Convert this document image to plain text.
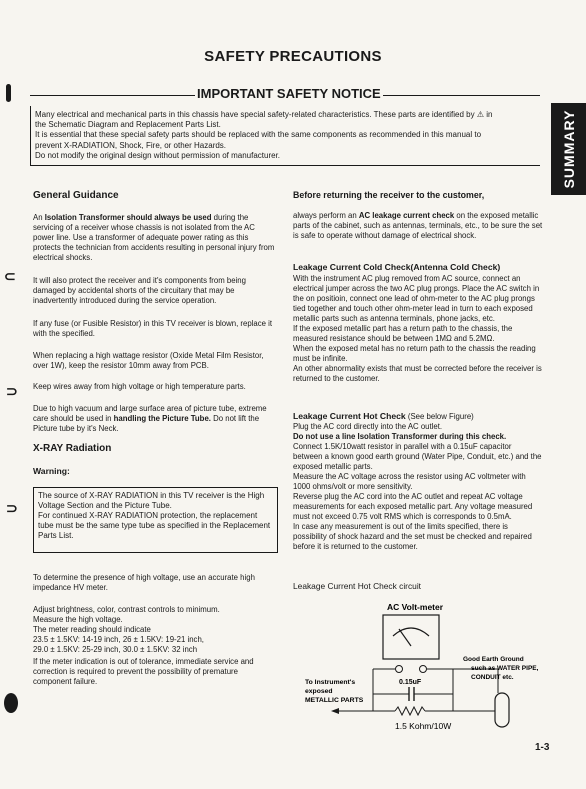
SAFETY PRECAUTIONS
IMPORTANT SAFETY NOTICE

Many electrical and mechanical parts in this chassis have special safety-related characteristics. These parts are identified by ⚠ in

the Schematic Diagram and Replacement Parts List.

It is essential that these special safety parts should be replaced with the same components as recommended in this manual to

prevent X-RADIATION, Shock, Fire, or other Hazards.

Do not modify the original design without permission of manufacturer.	SUMMARY
⊂
⊃
⊃
General Guidance
An Isolation Transformer should always be used during the servicing of a receiver whose chassis is not isolated from the AC power line. Use a transformer of adequate power rating as this protects the technician from accidents resulting in personal injury from electrical shocks.
It will also protect the receiver and it's components from being damaged by accidental shorts of the circuitary that may be inadvertently introduced during the service operation.
If any fuse (or Fusible Resistor) in this TV receiver is blown, replace it with the specified.
When replacing a high wattage resistor (Oxide Metal Film Resistor, over 1W), keep the resistor 10mm away from PCB.
Keep wires away from high voltage or high temperature parts.
Due to high vacuum and large surface area of picture tube, extreme care should be used in handling the Picture Tube. Do not lift the Picture tube by it's Neck.
X-RAY Radiation
Warning:

The source of X-RAY RADIATION in this TV receiver is the High Voltage Section and the Picture Tube.

For continued X-RAY RADIATION protection, the replacement tube must be the same type tube as specified in the Replacement Parts List.

To determine the presence of high voltage, use an accurate high impedance HV meter.

Adjust brightness, color, contrast controls to minimum.

Measure the high voltage.

The meter reading should indicate

23.5 ± 1.5KV: 14-19 inch, 26 ± 1.5KV: 19-21 inch,

29.0 ± 1.5KV: 25-29 inch, 30.0 ± 1.5KV: 32 inch

If the meter indication is out of tolerance, immediate service and correction is required to prevent the possibility of premature component failure.
Before returning the receiver to the customer,
always perform an AC leakage current check on the exposed metallic parts of the cabinet, such as antennas, terminals, etc., to be sure the set is safe to operate without damage of electrical shock.
Leakage Current Cold Check(Antenna Cold Check)

With the instrument AC plug removed from AC source, connect an electrical jumper across the two AC plug prongs. Place the AC switch in the on positioin, connect one lead of ohm-meter to the AC plug prongs tied together and touch other ohm-meter lead in turn to each exposed metallic parts such as antenna terminals, phone jacks, etc.

If the exposed metallic part has a return path to the chassis, the measured resistance should be between 1MΩ and 5.2MΩ.

When the exposed metal has no return path to the chassis the reading must be infinite.

An other abnormality exists that must be corrected before the receiver is returned to the customer.

Leakage Current Hot Check (See below Figure)

Plug the AC cord directly into the AC outlet.

Do not use a line Isolation Transformer during this check.

Connect 1.5K/10watt resistor in parallel with a 0.15uF capacitor between a known good earth ground (Water Pipe, Conduit, etc.) and the exposed metallic parts.

Measure the AC voltage across the resistor using AC voltmeter with 1000 ohms/volt or more sensitivity.

Reverse plug the AC cord into the AC outlet and repeat AC voltage measurements for each exposed metallic part. Any voltage measured must not exceed 0.75 volt RMS which is corresponds to 0.5mA.

In case any measurement is out of the limits specified, there is possibility of shock hazard and the set must be checked and repaired before it is returned to the customer.

Leakage Current Hot Check circuit
AC Volt-meter
0.15uF
1.5 Kohm/10W
To Instrument's
exposed
METALLIC PARTS
Good Earth Ground
such as WATER PIPE,
CONDUIT etc.
1-3
